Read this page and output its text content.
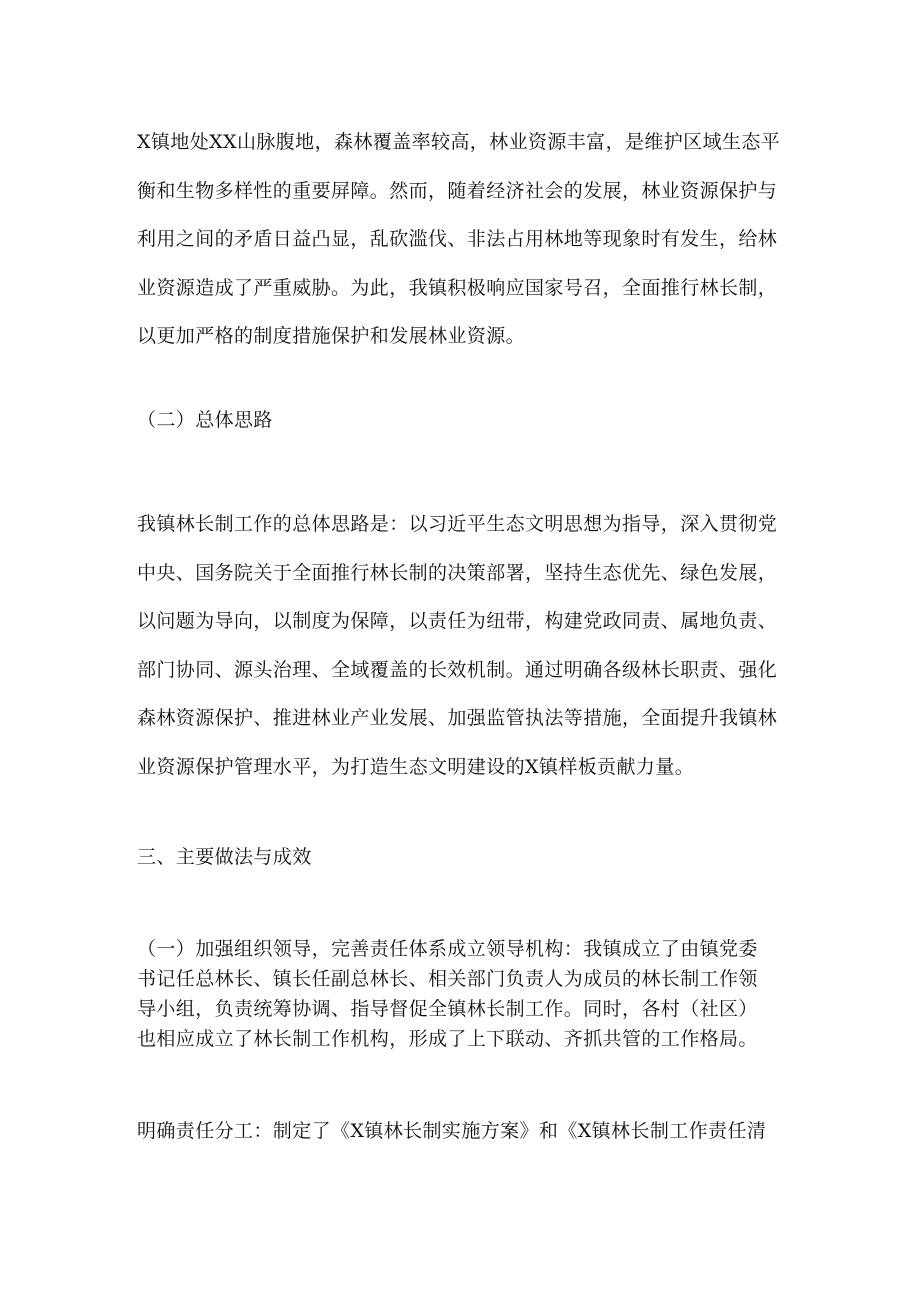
X镇地处XX山脉腹地，森林覆盖率较高，林业资源丰富，是维护区域生态平
衡和生物多样性的重要屏障。然而，随着经济社会的发展，林业资源保护与
利用之间的矛盾日益凸显，乱砍滥伐、非法占用林地等现象时有发生，给林
业资源造成了严重威胁。为此，我镇积极响应国家号召，全面推行林长制，
以更加严格的制度措施保护和发展林业资源。
（二）总体思路
我镇林长制工作的总体思路是：以习近平生态文明思想为指导，深入贯彻党
中央、国务院关于全面推行林长制的决策部署，坚持生态优先、绿色发展，
以问题为导向，以制度为保障，以责任为纽带，构建党政同责、属地负责、
部门协同、源头治理、全域覆盖的长效机制。通过明确各级林长职责、强化
森林资源保护、推进林业产业发展、加强监管执法等措施，全面提升我镇林
业资源保护管理水平，为打造生态文明建设的X镇样板贡献力量。
三、主要做法与成效
（一）加强组织领导，完善责任体系成立领导机构：我镇成立了由镇党委
书记任总林长、镇长任副总林长、相关部门负责人为成员的林长制工作领
导小组，负责统筹协调、指导督促全镇林长制工作。同时，各村（社区）
也相应成立了林长制工作机构，形成了上下联动、齐抓共管的工作格局。
明确责任分工：制定了《X镇林长制实施方案》和《X镇林长制工作责任清
